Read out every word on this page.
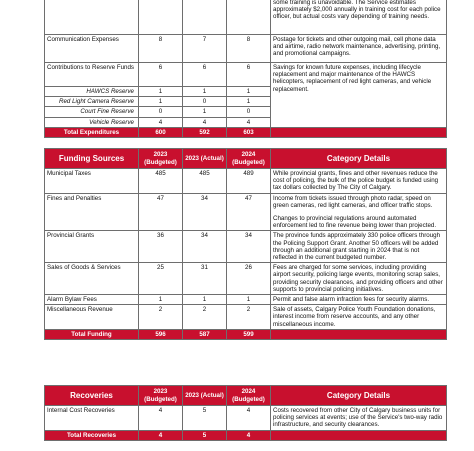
				some training is unavoidable. The Service estimates approximately $2,000 annually in training cost for each police officer, but actual costs vary depending of training needs.
Communication Expenses	8	7	8	Postage for tickets and other outgoing mail, cell phone data and airtime, radio network maintenance, advertising, printing, and promotional campaigns.
Contributions to Reserve Funds	6	6	6	Savings for known future expenses, including lifecycle replacement and major maintenance of the HAWCS helicopters, replacement of red light cameras, and vehicle replacement.
HAWCS Reserve	1	1	1	
Red Light Camera Reserve	1	0	1	
Court Fine Reserve	0	1	0	
Vehicle Reserve	4	4	4	
Total Expenditures	600	592	603	
Funding Sources	2023 (Budgeted)	2023 (Actual)	2024 (Budgeted)	Category Details
Municipal Taxes	485	485	489	While provincial grants, fines and other revenues reduce the cost of policing, the bulk of the police budget is funded using tax dollars collected by The City of Calgary.
Fines and Penalties	47	34	47	Income from tickets issued through photo radar, speed on green cameras, red light cameras, and officer traffic stops.

Changes to provincial regulations around automated enforcement led to fine revenue being lower than projected.

Provincial Grants	36	34	34	The province funds approximately 330 police officers through the Policing Support Grant. Another 50 officers will be added through an additional grant starting in 2024 that is not reflected in the current budgeted number.
Sales of Goods & Services	25	31	26	Fees are charged for some services, including providing airport security, policing large events, monitoring scrap sales, providing security clearances, and providing officers and other supports to provincial policing initiatives.
Alarm Bylaw Fees	1	1	1	Permit and false alarm infraction fees for security alarms.
Miscellaneous Revenue	2	2	2	Sale of assets, Calgary Police Youth Foundation donations, interest income from reserve accounts, and any other miscellaneous income.
Total Funding	596	587	599	
Recoveries	2023 (Budgeted)	2023 (Actual)	2024 (Budgeted)	Category Details
Internal Cost Recoveries	4	5	4	Costs recovered from other City of Calgary business units for policing services at events; use of the Service's two-way radio infrastructure, and security clearances.
Total Recoveries	4	5	4	
